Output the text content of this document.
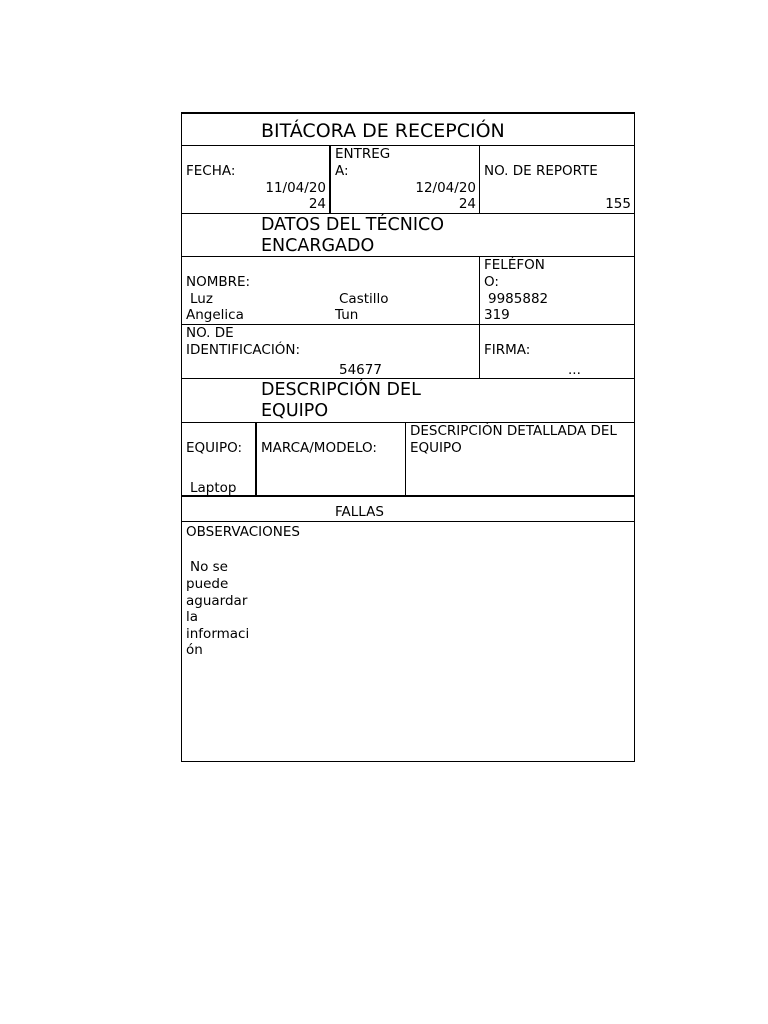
BITÁCORA DE RECEPCIÓN
FECHA:
11/04/20
24
ENTREG
A:
12/04/20
24
NO. DE REPORTE
155
DATOS DEL TÉCNICO
ENCARGADO
NOMBRE:
Luz
Angelica
Castillo
Tun
FELÉFON
O:
9985882
319
NO. DE
IDENTIFICACIÓN:
54677
FIRMA:
...
DESCRIPCIÓN DEL
EQUIPO
EQUIPO:
Laptop
MARCA/MODELO:
DESCRIPCIÓN DETALLADA DEL
EQUIPO
FALLAS
OBSERVACIONES
No se
puede
aguardar
la
informaci
ón
